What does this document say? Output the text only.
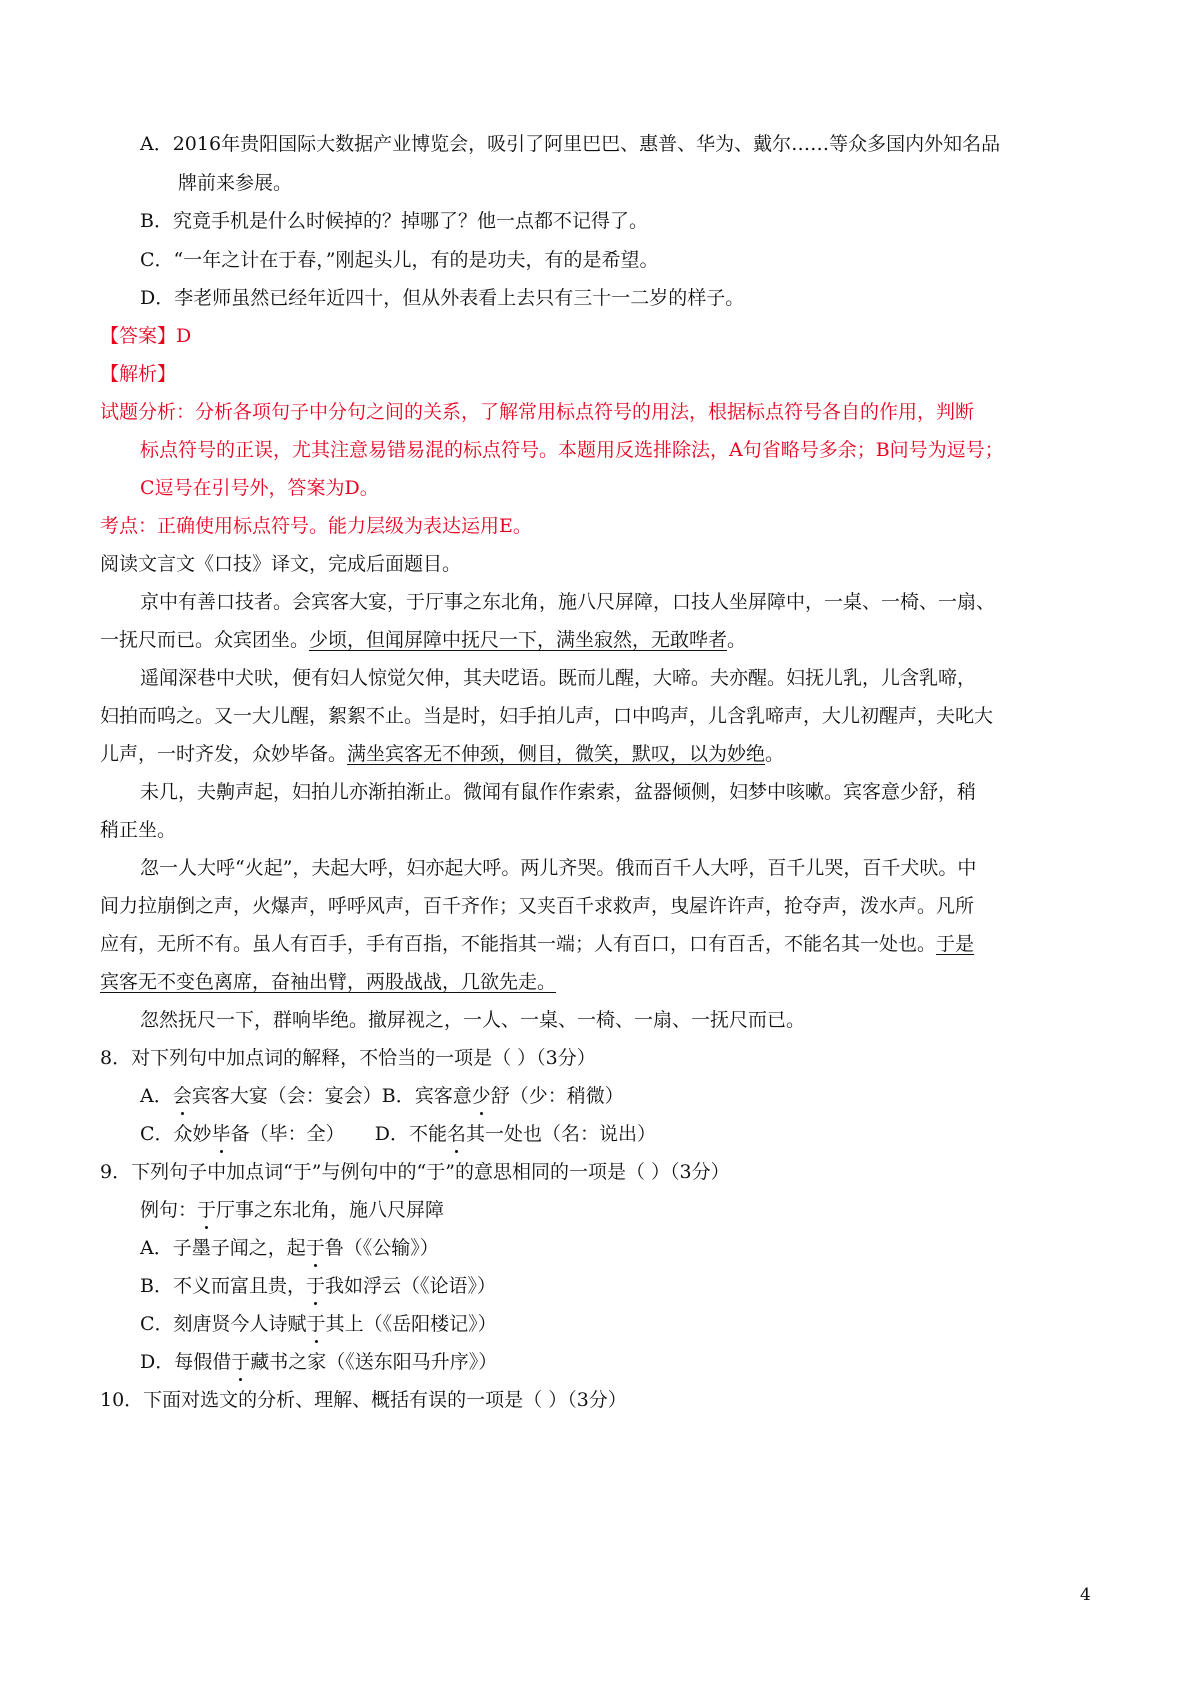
A．2016年贵阳国际大数据产业博览会，吸引了阿里巴巴、惠普、华为、戴尔……等众多国内外知名品
牌前来参展。
B．究竟手机是什么时候掉的？掉哪了？他一点都不记得了。
C．“一年之计在于春，”刚起头儿，有的是功夫，有的是希望。
D．李老师虽然已经年近四十，但从外表看上去只有三十一二岁的样子。
【答案】D
【解析】
试题分析：分析各项句子中分句之间的关系，了解常用标点符号的用法，根据标点符号各自的作用，判断
标点符号的正误，尤其注意易错易混的标点符号。本题用反选排除法，A句省略号多余；B问号为逗号；
C逗号在引号外，答案为D。
考点：正确使用标点符号。能力层级为表达运用E。
阅读文言文《口技》译文，完成后面题目。
京中有善口技者。会宾客大宴，于厅事之东北角，施八尺屏障，口技人坐屏障中，一桌、一椅、一扇、
一抚尺而已。众宾团坐。少顷，但闻屏障中抚尺一下，满坐寂然，无敢哗者。
遥闻深巷中犬吠，便有妇人惊觉欠伸，其夫呓语。既而儿醒，大啼。夫亦醒。妇抚儿乳，儿含乳啼，
妇拍而呜之。又一大儿醒，絮絮不止。当是时，妇手拍儿声，口中呜声，儿含乳啼声，大儿初醒声，夫叱大
儿声，一时齐发，众妙毕备。满坐宾客无不伸颈，侧目，微笑，默叹，以为妙绝。
未几，夫齁声起，妇拍儿亦渐拍渐止。微闻有鼠作作索索，盆器倾侧，妇梦中咳嗽。宾客意少舒，稍
稍正坐。
忽一人大呼“火起”，夫起大呼，妇亦起大呼。两儿齐哭。俄而百千人大呼，百千儿哭，百千犬吠。中
间力拉崩倒之声，火爆声，呼呼风声，百千齐作；又夹百千求救声，曳屋许许声，抢夺声，泼水声。凡所
应有，无所不有。虽人有百手，手有百指，不能指其一端；人有百口，口有百舌，不能名其一处也。于是
宾客无不变色离席，奋袖出臂，两股战战，几欲先走。
忽然抚尺一下，群响毕绝。撤屏视之，一人、一桌、一椅、一扇、一抚尺而已。
8．对下列句中加点词的解释，不恰当的一项是（ ）（3分）
A．会宾客大宴（会：宴会）B．宾客意少舒（少：稍微）
C．众妙毕备（毕：全）     D．不能名其一处也（名：说出）
9．下列句子中加点词“于”与例句中的“于”的意思相同的一项是（ ）（3分）
例句：于厅事之东北角，施八尺屏障
A．子墨子闻之，起于鲁（《公输》）
B．不义而富且贵，于我如浮云（《论语》）
C．刻唐贤今人诗赋于其上（《岳阳楼记》）
D．每假借于藏书之家（《送东阳马升序》）
10．下面对选文的分析、理解、概括有误的一项是（ ）（3分）
4
